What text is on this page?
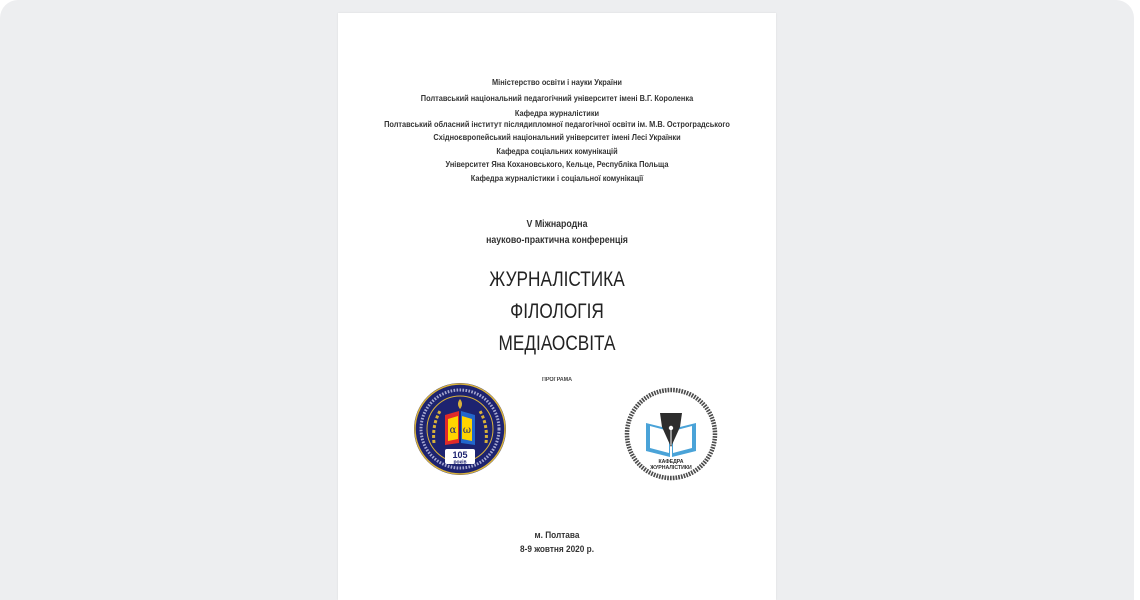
Міністерство освіти і науки України
Полтавський національний педагогічний університет імені В.Г. Короленка
Кафедра журналістики
Полтавський обласний інститут післядипломної педагогічної освіти ім. М.В. Остроградського
Східноєвропейський національний університет імені Лесі Українки
Кафедра соціальних комунікацій
Університет Яна Кохановського, Кельце, Республіка Польща
Кафедра журналістики і соціальної комунікації
V Міжнародна
науково-практична конференція
ЖУРНАЛІСТИКА
ФІЛОЛОГІЯ
МЕДІАОСВІТА
ПРОГРАМА
α ω
105
років	КАФЕДРА
ЖУРНАЛІСТИКИ
м. Полтава
8-9 жовтня 2020 р.
